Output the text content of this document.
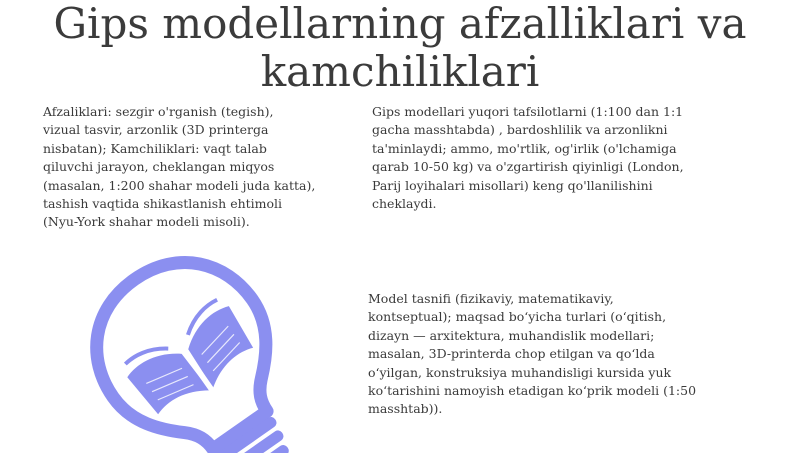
Gips modellarning afzalliklari va kamchiliklari

Afzaliklari: sezgir o'rganish (tegish),
vizual tasvir, arzonlik (3D printerga
nisbatan); Kamchiliklari: vaqt talab
qiluvchi jarayon, cheklangan miqyos
(masalan, 1:200 shahar modeli juda katta),
tashish vaqtida shikastlanish ehtimoli
(Nyu-York shahar modeli misoli).

Gips modellari yuqori tafsilotlarni (1:100 dan 1:1
gacha masshtabda) , bardoshlilik va arzonlikni
ta'minlaydi; ammo, mo'rtlik, og'irlik (o'lchamiga
qarab 10-50 kg) va o'zgartirish qiyinligi (London,
Parij loyihalari misollari) keng qo'llanilishini
cheklaydi.

Model tasnifi (fizikaviy, matematikaviy,
kontseptual); maqsad bo‘yicha turlari (o‘qitish,
dizayn — arxitektura, muhandislik modellari;
masalan, 3D-printerda chop etilgan va qo‘lda
o‘yilgan, konstruksiya muhandisligi kursida yuk
ko‘tarishini namoyish etadigan ko‘prik modeli (1:50
masshtab)).
